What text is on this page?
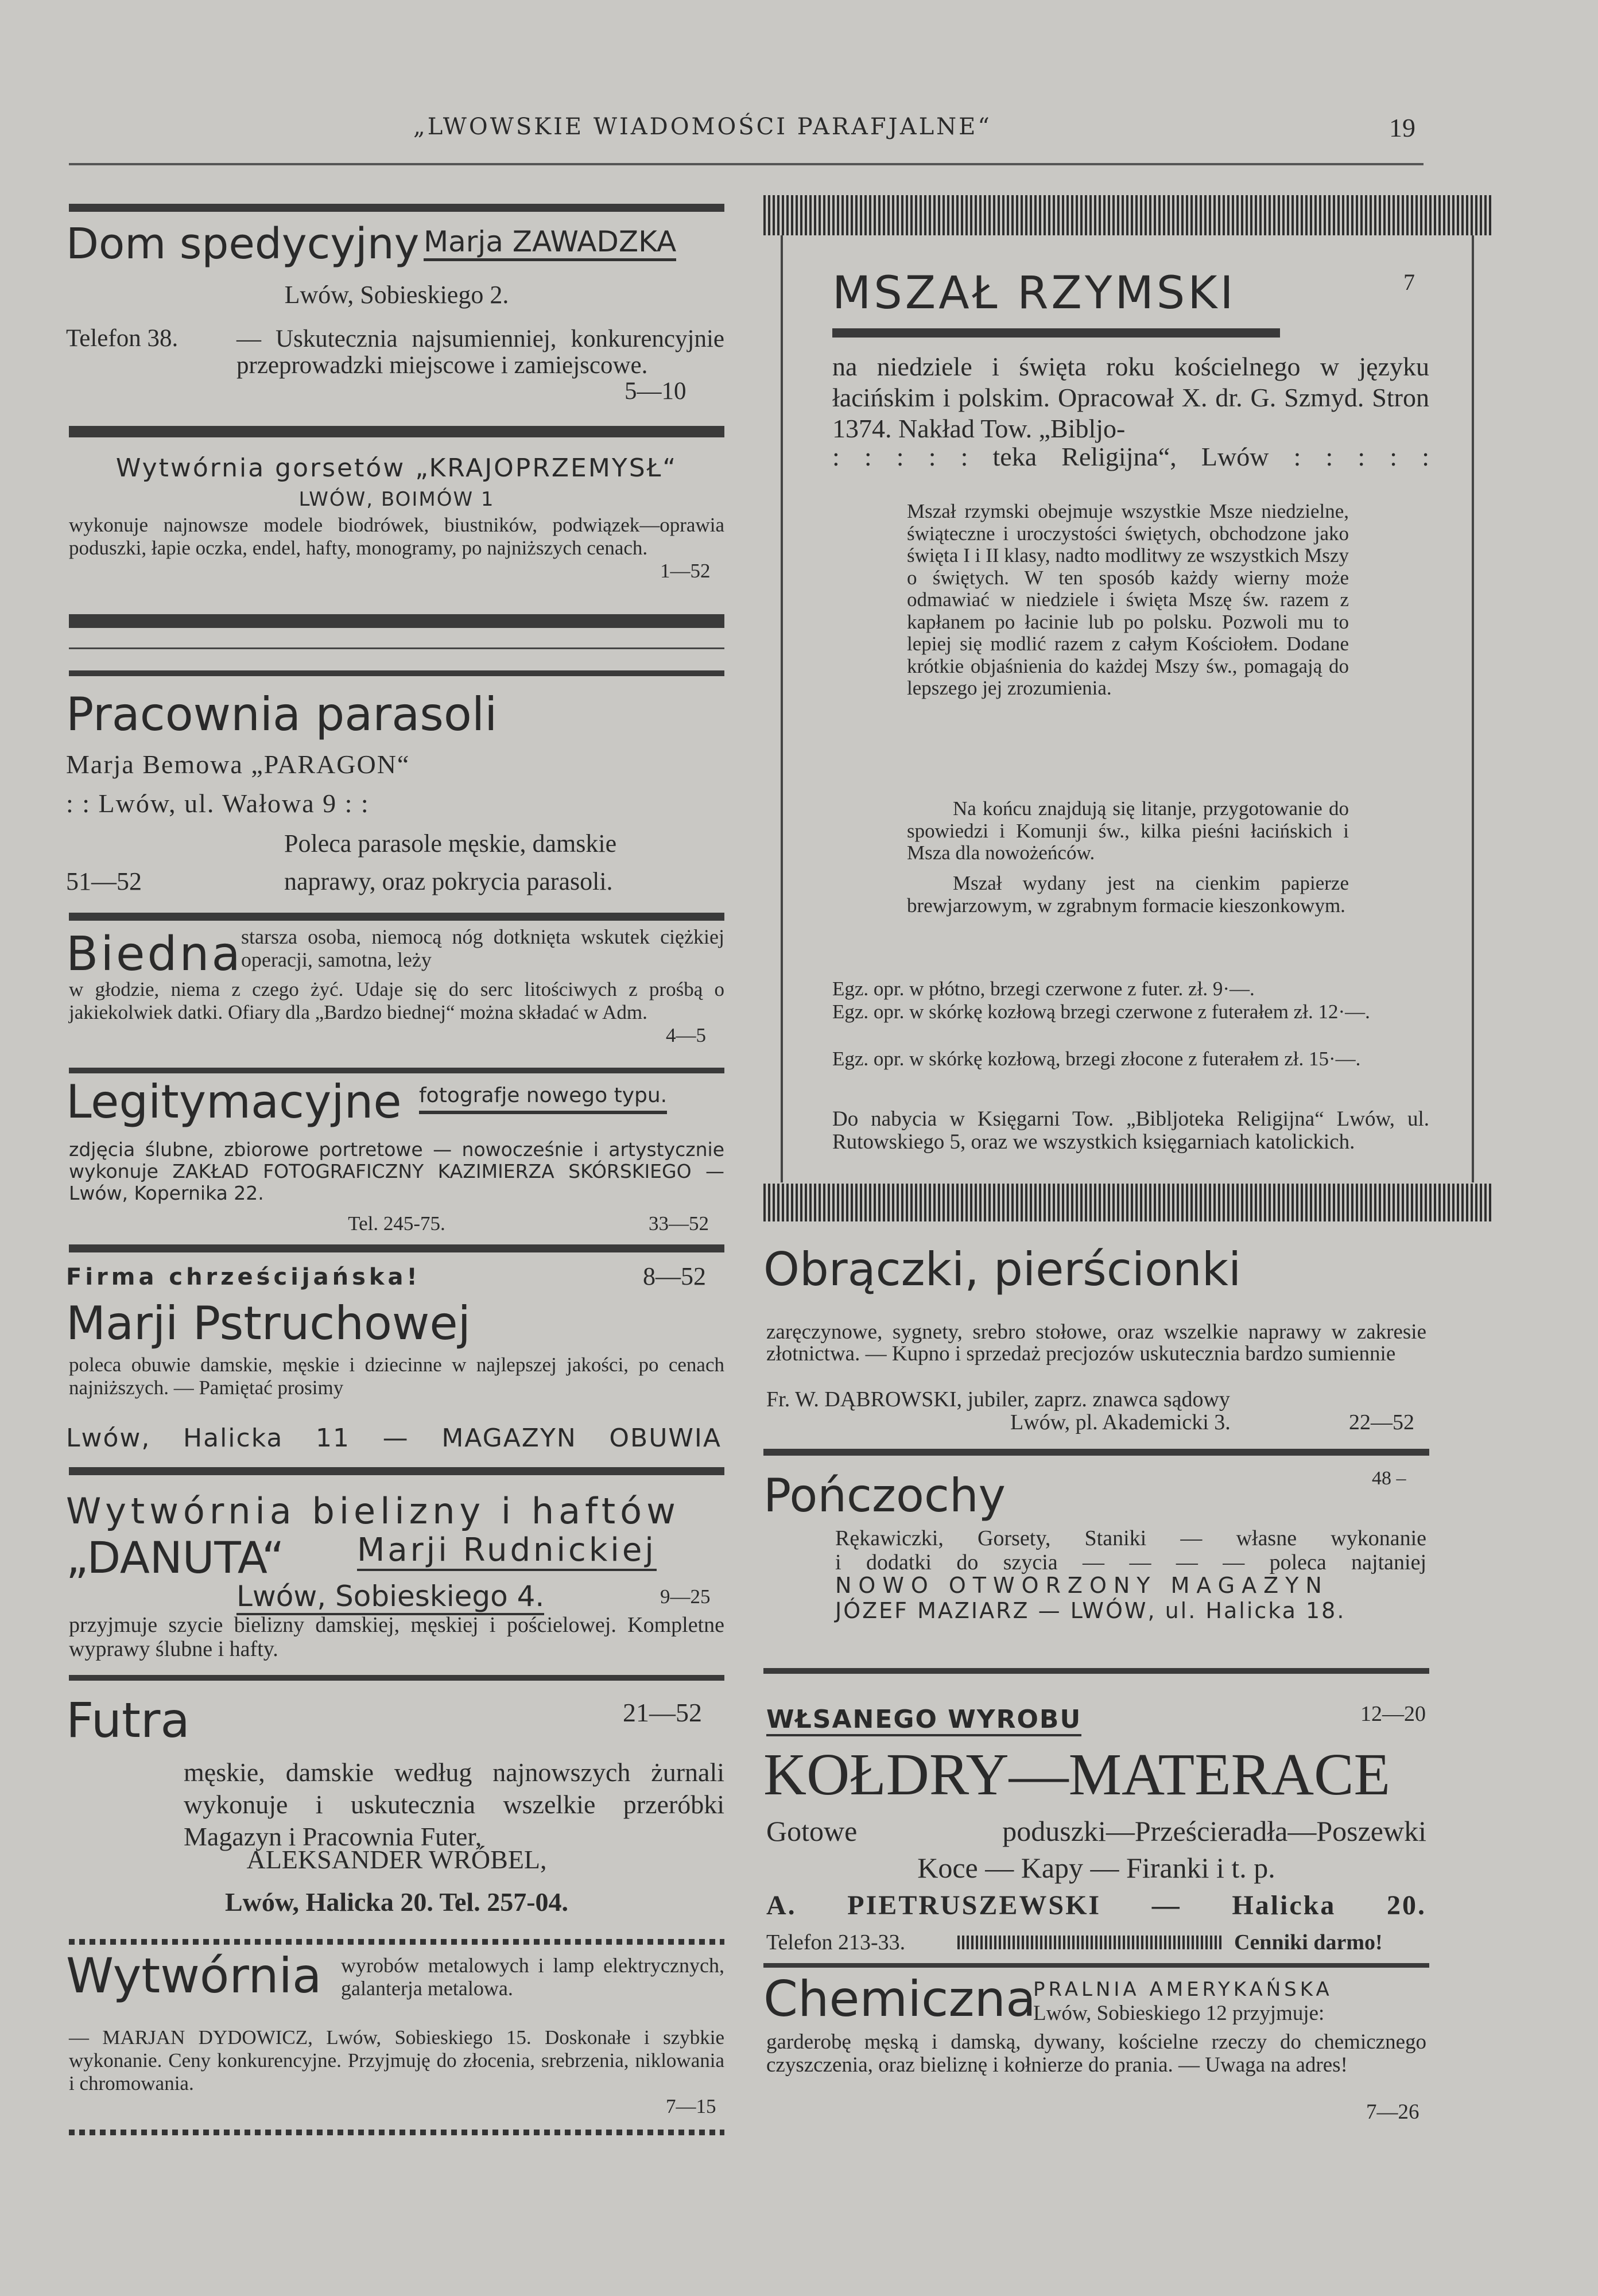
„LWOWSKIE WIADOMOŚCI PARAFJALNE“	19
Dom spedycyjny Marja ZAWADZKA
Lwów, Sobieskiego 2.
Telefon 38. — Uskutecznia najsumienniej, konkurencyjnie przeprowadzki miejscowe i zamiejscowe.
5—10
Wytwórnia gorsetów „KRAJOPRZEMYSŁ“
LWÓW, BOIMÓW 1
wykonuje najnowsze modele biodrówek, biustników, podwiązek—oprawia poduszki, łapie oczka, endel, hafty, monogramy, po najniższych cenach.
1—52
Pracownia parasoli
Marja Bemowa „PARAGON“
: : Lwów, ul. Wałowa 9 : :
Poleca parasole męskie, damskie
51—52	naprawy, oraz pokrycia parasoli.
Biedna
starsza osoba, niemocą nóg dotknięta wskutek ciężkiej operacji, samotna, leży
w głodzie, niema z czego żyć. Udaje się do serc litościwych z prośbą o jakiekolwiek datki. Ofiary dla „Bardzo biednej“ można składać w Adm.
4—5
Legitymacyjne fotografje nowego typu.
zdjęcia ślubne, zbiorowe portretowe — nowocześnie i artystycznie wykonuje ZAKŁAD FOTOGRAFICZNY KAZIMIERZA SKÓRSKIEGO — Lwów, Kopernika 22.
Tel. 245-75.	33—52
Firma chrześcijańska!	8—52
Marji Pstruchowej
poleca obuwie damskie, męskie i dziecinne w najlepszej jakości, po cenach najniższych. — Pamiętać prosimy
Lwów, Halicka 11 — MAGAZYN OBUWIA
Wytwórnia bielizny i haftów
„DANUTA“ Marji Rudnickiej
Lwów, Sobieskiego 4.	9—25
przyjmuje szycie bielizny damskiej, męskiej i pościelowej. Kompletne wyprawy ślubne i hafty.
Futra	21—52
męskie, damskie według najnowszych żurnali wykonuje i uskutecznia wszelkie przeróbki Magazyn i Pracownia Futer,
ALEKSANDER WRÓBEL,
Lwów, Halicka 20. Tel. 257-04.
Wytwórnia wyrobów metalowych i lamp elektrycznych, galanterja metalowa.
— MARJAN DYDOWICZ, Lwów, Sobieskiego 15. Doskonałe i szybkie wykonanie. Ceny konkurencyjne. Przyjmuję do złocenia, srebrzenia, niklowania i chromowania.
7—15
MSZAŁ RZYMSKI	7
na niedziele i święta roku kościelnego w języku łacińskim i polskim. Opracował X. dr. G. Szmyd. Stron 1374. Nakład Tow. „Bibljo-
: : : : : teka Religijna“, Lwów : : : : :
Mszał rzymski obejmuje wszystkie Msze niedzielne, świąteczne i uroczystości świętych, obchodzone jako święta I i II klasy, nadto modlitwy ze wszystkich Mszy o świętych. W ten sposób każdy wierny może odmawiać w niedziele i święta Mszę św. razem z kapłanem po łacinie lub po polsku. Pozwoli mu to lepiej się modlić razem z całym Kościołem. Dodane krótkie objaśnienia do każdej Mszy św., pomagają do lepszego jej zrozumienia.
Na końcu znajdują się litanje, przygotowanie do spowiedzi i Komunji św., kilka pieśni łacińskich i Msza dla nowożeńców.
Mszał wydany jest na cienkim papierze brewjarzowym, w zgrabnym formacie kieszonkowym.
Egz. opr. w płótno, brzegi czerwone z futer. zł. 9·—.
Egz. opr. w skórkę kozłową brzegi czerwone z futerałem zł. 12·—.
Egz. opr. w skórkę kozłową, brzegi złocone z futerałem zł. 15·—.
Do nabycia w Księgarni Tow. „Bibljoteka Religijna“ Lwów, ul. Rutowskiego 5, oraz we wszystkich księgarniach katolickich.
Obrączki, pierścionki
zaręczynowe, sygnety, srebro stołowe, oraz wszelkie naprawy w zakresie złotnictwa. — Kupno i sprzedaż precjozów uskutecznia bardzo sumiennie
Fr. W. DĄBROWSKI, jubiler, zaprz. znawca sądowy
Lwów, pl. Akademicki 3.	22—52
Pończochy	48 –
Rękawiczki, Gorsety, Staniki — własne wykonanie
i dodatki do szycia — — — — poleca najtaniej
NOWO OTWORZONY MAGAZYN
JÓZEF MAZIARZ — LWÓW, ul. Halicka 18.
WŁSANEGO WYROBU	12—20
KOŁDRY—MATERACE
Gotowe poduszki—Prześcieradła—Poszewki
Koce — Kapy — Firanki i t. p.
A. PIETRUSZEWSKI — Halicka 20.
Telefon 213-33.	Cenniki darmo!
Chemiczna
PRALNIA AMERYKAŃSKA
Lwów, Sobieskiego 12 przyjmuje:
garderobę męską i damską, dywany, kościelne rzeczy do chemicznego czyszczenia, oraz bieliznę i kołnierze do prania. — Uwaga na adres!
7—26
